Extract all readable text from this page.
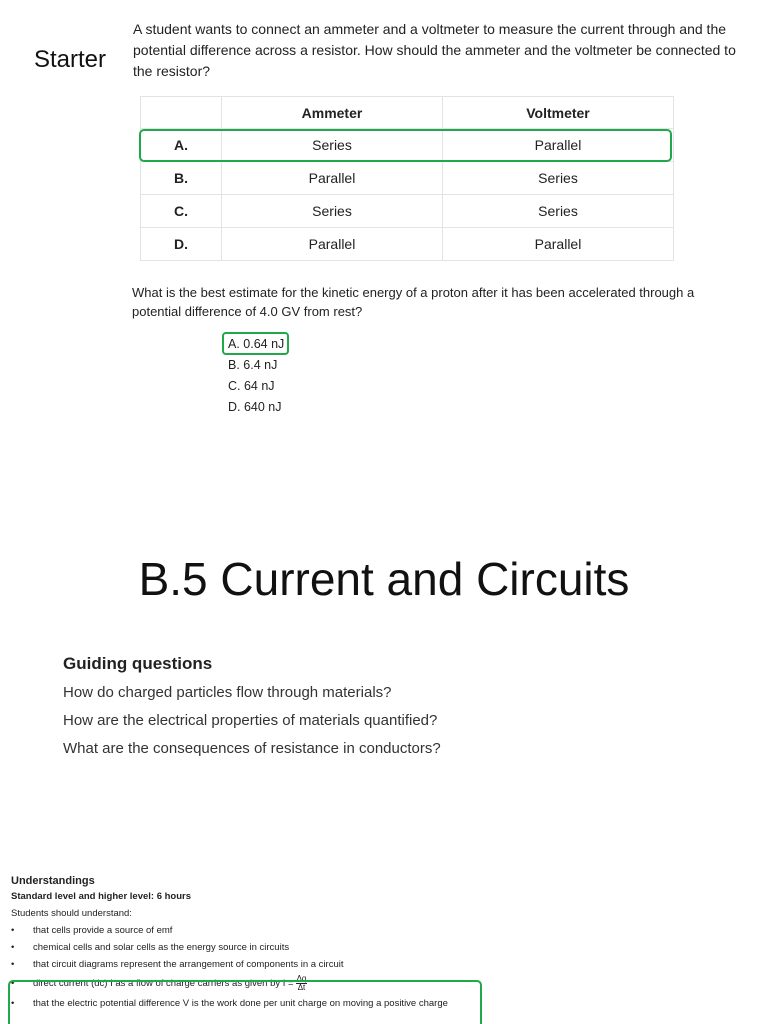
Starter
A student wants to connect an ammeter and a voltmeter to measure the current through and the potential difference across a resistor. How should the ammeter and the voltmeter be connected to the resistor?
	Ammeter	Voltmeter
A.	Series	Parallel
B.	Parallel	Series
C.	Series	Series
D.	Parallel	Parallel
What is the best estimate for the kinetic energy of a proton after it has been accelerated through a potential difference of 4.0 GV from rest?
A. 0.64 nJ
B. 6.4 nJ
C. 64 nJ
D. 640 nJ
B.5 Current and Circuits
Guiding questions
How do charged particles flow through materials?
How are the electrical properties of materials quantified?
What are the consequences of resistance in conductors?
Understandings
Standard level and higher level: 6 hours
Students should understand:
• that cells provide a source of emf
• chemical cells and solar cells as the energy source in circuits
• that circuit diagrams represent the arrangement of components in a circuit
• direct current (dc) I as a flow of charge carriers as given by $I = \frac{\Delta q}{\Delta t}$
• that the electric potential difference V is the work done per unit charge on moving a positive charge
